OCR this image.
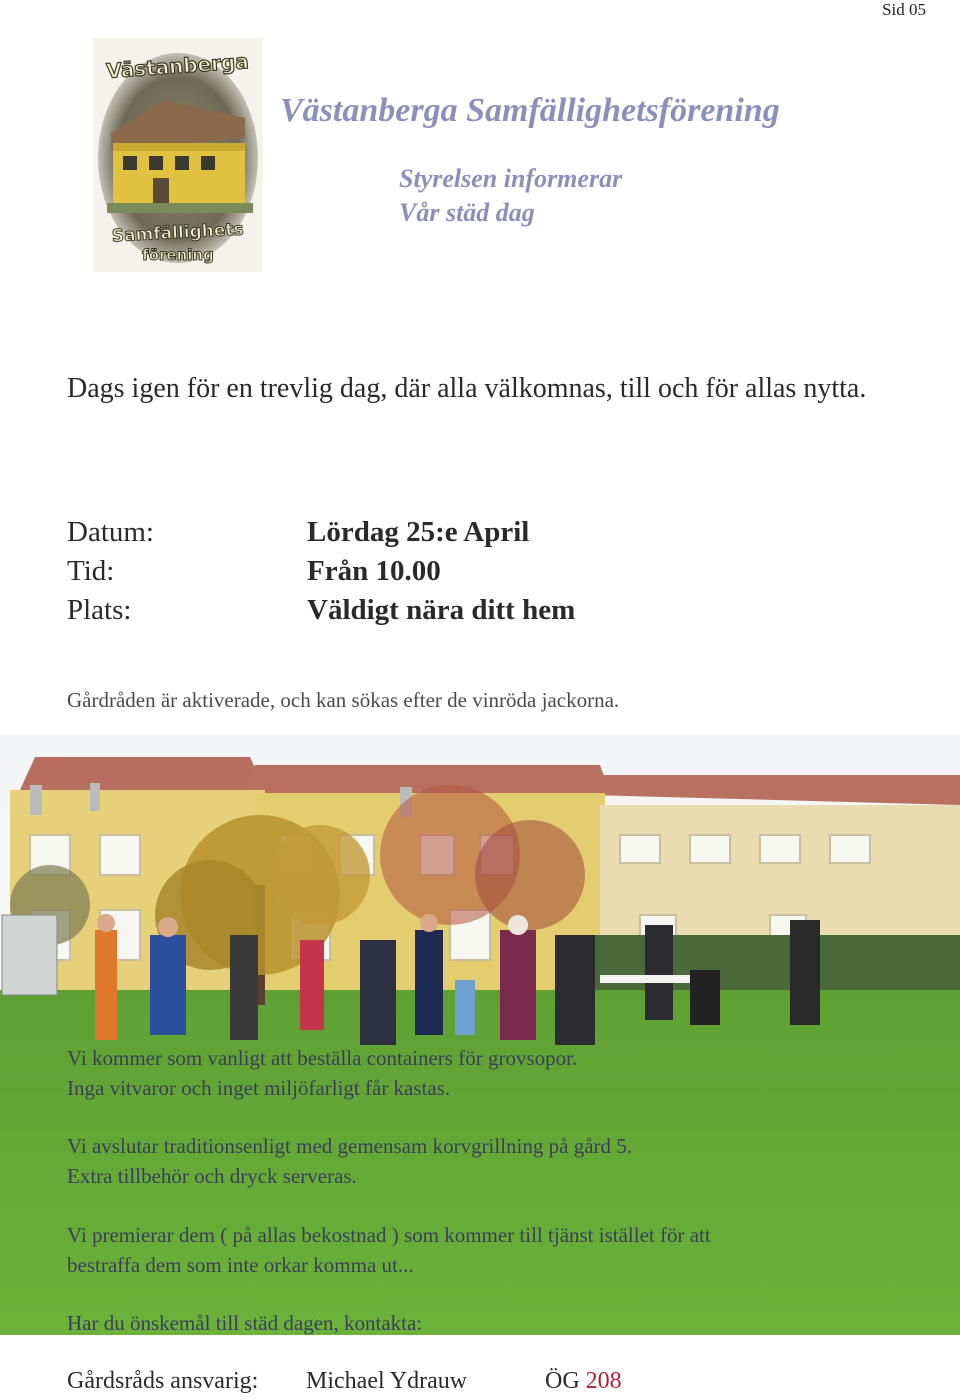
Sid 05
Västanberga
Samfällighets
förening
Västanberga Samfällighetsförening
Styrelsen informerar
Vår städ dag
Dags igen för en trevlig dag, där alla välkomnas, till och för allas nytta.
Datum:	Lördag 25:e April
Tid:	Från 10.00
Plats:	Väldigt nära ditt hem
Gårdråden är aktiverade, och kan sökas efter de vinröda jackorna.
Vi kommer som vanligt att beställa containers för grovsopor.
Inga vitvaror och inget miljöfarligt får kastas.
Vi avslutar traditionsenligt med gemensam korvgrillning på gård 5.
Extra tillbehör och dryck serveras.
Vi premierar dem ( på allas bekostnad ) som kommer till tjänst istället för att
bestraffa dem som inte orkar komma ut...
Har du önskemål till städ dagen, kontakta:
Gårdsråds ansvarig: Michael Ydrauw	ÖG 208
